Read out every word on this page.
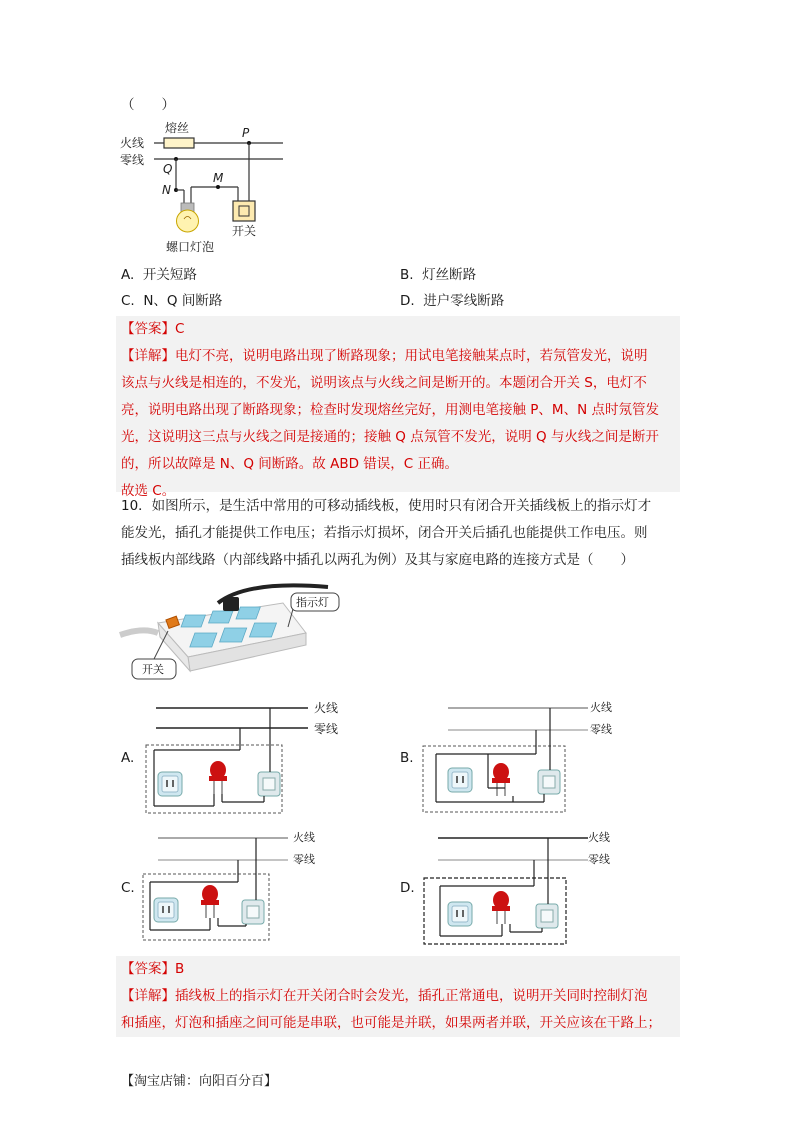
（　　）
熔丝
火线
零线
P
Q
N
M
开关
螺口灯泡
A. 开关短路	B. 灯丝断路
C. N、Q 间断路	D. 进户零线断路
【答案】C
【详解】电灯不亮，说明电路出现了断路现象；用试电笔接触某点时，若氖管发光，说明
该点与火线是相连的，不发光，说明该点与火线之间是断开的。本题闭合开关 S，电灯不
亮，说明电路出现了断路现象；检查时发现熔丝完好，用测电笔接触 P、M、N 点时氖管发
光，这说明这三点与火线之间是接通的；接触 Q 点氖管不发光，说明 Q 与火线之间是断开
的，所以故障是 N、Q 间断路。故 ABD 错误，C 正确。
故选 C。
10．如图所示，是生活中常用的可移动插线板，使用时只有闭合开关插线板上的指示灯才
能发光，插孔才能提供工作电压；若指示灯损坏，闭合开关后插孔也能提供工作电压。则
插线板内部线路（内部线路中插孔以两孔为例）及其与家庭电路的连接方式是（　　）
指示灯
开关
火线
零线
火线
零线
火线
零线
火线
零线
A.	B.
C.	D.
【答案】B
【详解】插线板上的指示灯在开关闭合时会发光，插孔正常通电，说明开关同时控制灯泡
和插座，灯泡和插座之间可能是串联，也可能是并联，如果两者并联，开关应该在干路上；
【淘宝店铺：向阳百分百】
